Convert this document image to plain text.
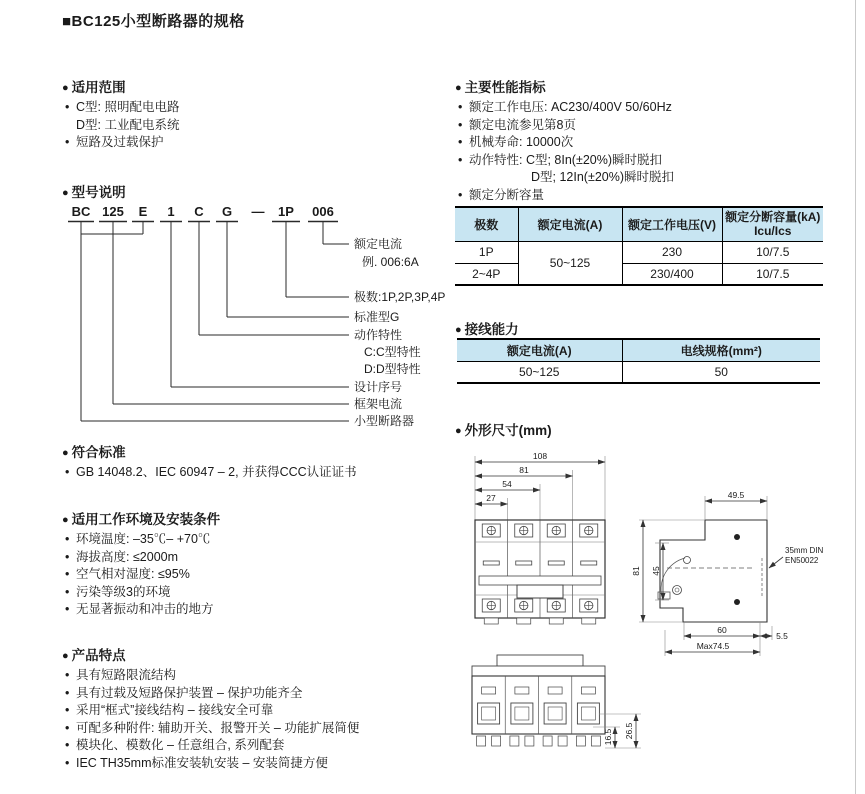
■BC125小型断路器的规格
● 适用范围
• C型: 照明配电电路
D型: 工业配电系统
• 短路及过载保护
● 型号说明
BC 125 E 1 C G — 1P 006
额定电流
例. 006:6A
极数:1P,2P,3P,4P
标准型G
动作特性
C:C型特性
D:D型特性
设计序号
框架电流
小型断路器
● 符合标准
• GB 14048.2、IEC 60947 – 2, 并获得CCC认证证书
● 适用工作环境及安装条件
• 环境温度: –35℃– +70℃
• 海拔高度: ≤2000m
• 空气相对湿度: ≤95%
• 污染等级3的环境
• 无显著振动和冲击的地方
● 产品特点
• 具有短路限流结构
• 具有过载及短路保护装置 – 保护功能齐全
• 采用“框式”接线结构 – 接线安全可靠
• 可配多种附件: 辅助开关、报警开关 – 功能扩展简便
• 模块化、模数化 – 任意组合, 系列配套
• IEC TH35mm标准安装轨安装 – 安装简捷方便
● 主要性能指标
• 额定工作电压: AC230/400V 50/60Hz
• 额定电流参见第8页
• 机械寿命: 10000次
• 动作特性: C型; 8In(±20%)瞬时脱扣
D型; 12In(±20%)瞬时脱扣
• 额定分断容量
极数	额定电流(A)	额定工作电压(V)	额定分断容量(kA)
Icu/Ics

1P	50~125	230	10/7.5
2~4P		230/400	10/7.5
● 接线能力
额定电流(A)	电线规格(mm²)
50~125	50
● 外形尺寸(mm)
108
81
54
27	49.5
81 45
60
5.5
Max74.5
35mm DIN
EN50022
16.5 26.5
